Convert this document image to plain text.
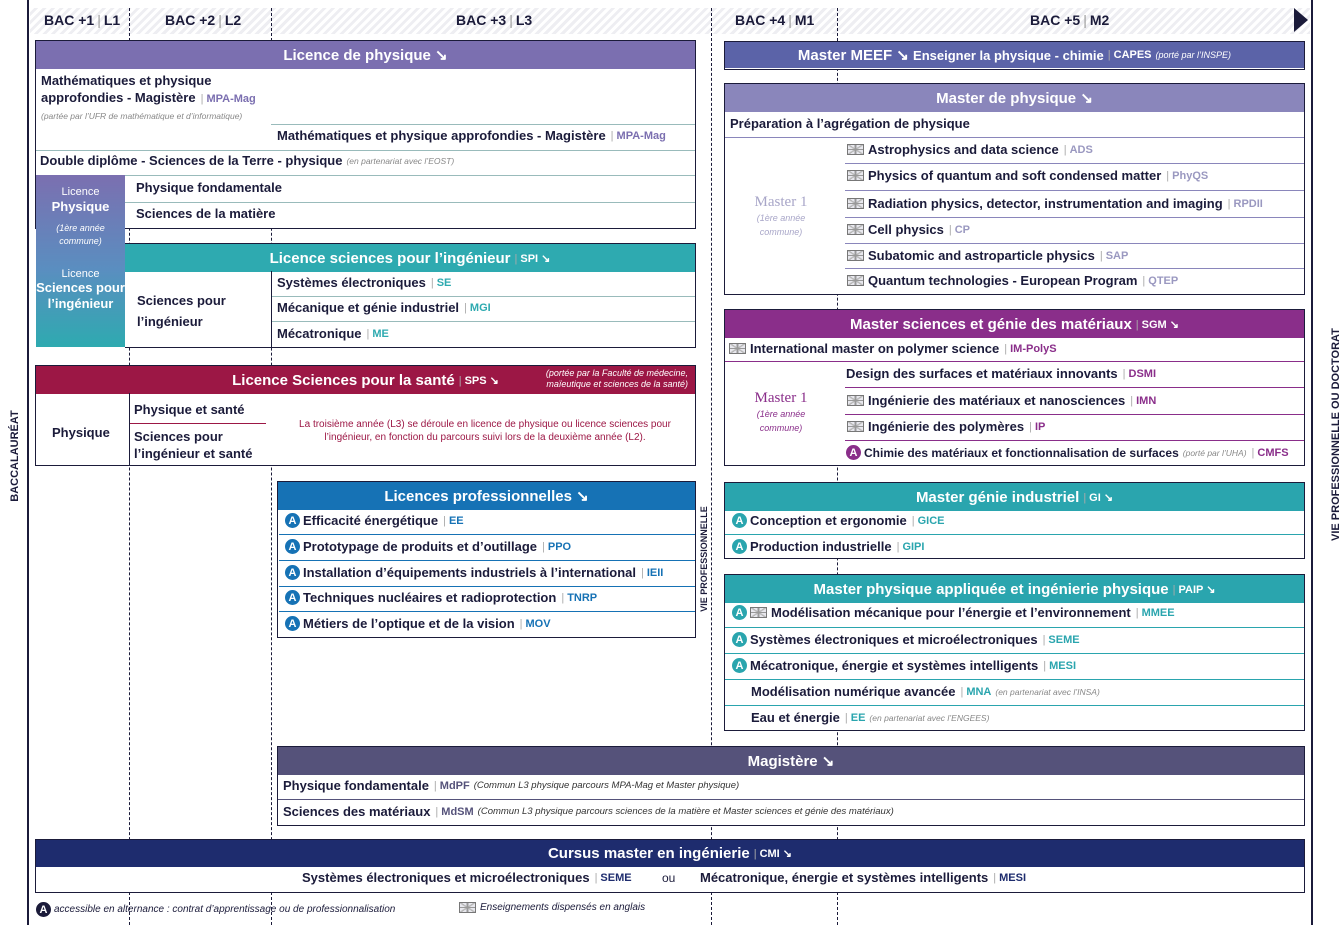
BAC +1 | L1	BAC +2 | L2	BAC +3 | L3	BAC +4 | M1	BAC +5 | M2
BACCALAURÉAT	VIE PROFESSIONNELLE OU DOCTORAT
VIE PROFESSIONNELLE
Licence de physique ↘
Mathématiques et physique
approfondies - Magistère | MPA-Mag
(partée par l’UFR de mathématique et d’informatique)
Mathématiques et physique approfondies - Magistère | MPA-Mag
Double diplôme - Sciences de la Terre - physique (en partenariat avec l’EOST)
Physique fondamentale
Sciences de la matière
Licence
Physique
(1ère année commune)
Licence
Sciences pour l’ingénieur
Licence sciences pour l’ingénieur | SPI ↘
Sciences pour l’ingénieur
Systèmes électroniques | SE
Mécanique et génie industriel | MGI
Mécatronique | ME
Licence Sciences pour la santé | SPS ↘
(portée par la Faculté de médecine, maïeutique et sciences de la santé)
Physique
Physique et santé
Sciences pour l’ingénieur et santé
La troisième année (L3) se déroule en licence de physique ou licence sciences pour l’ingénieur, en fonction du parcours suivi lors de la deuxième année (L2).
Licences professionnelles ↘
A Efficacité énergétique | EE
A Prototypage de produits et d’outillage | PPO
A Installation d’équipements industriels à l’international | IEII
A Techniques nucléaires et radioprotection | TNRP
A Métiers de l’optique et de la vision | MOV
Master MEEF ↘
Enseigner la physique - chimie | CAPES (porté par l’INSPE)
Master de physique ↘
Préparation à l’agrégation de physique
Master 1
(1ère année commune)
Astrophysics and data science | ADS
Physics of quantum and soft condensed matter | PhyQS
Radiation physics, detector, instrumentation and imaging | RPDII
Cell physics | CP
Subatomic and astroparticle physics | SAP
Quantum technologies - European Program | QTEP
Master sciences et génie des matériaux | SGM ↘
International master on polymer science | IM-PolyS
Master 1
(1ère année commune)
Design des surfaces et matériaux innovants | DSMI
Ingénierie des matériaux et nanosciences | IMN
Ingénierie des polymères | IP
A Chimie des matériaux et fonctionnalisation de surfaces (porté par l’UHA) | CMFS
Master génie industriel | GI ↘
A Conception et ergonomie | GICE
A Production industrielle | GIPI
Master physique appliquée et ingénierie physique | PAIP ↘
A Modélisation mécanique pour l’énergie et l’environnement | MMEE
A Systèmes électroniques et microélectroniques | SEME
A Mécatronique, énergie et systèmes intelligents | MESI
Modélisation numérique avancée | MNA (en partenariat avec l’INSA)
Eau et énergie | EE (en partenariat avec l’ENGEES)
Magistère ↘
Physique fondamentale | MdPF (Commun L3 physique parcours MPA-Mag et Master physique)
Sciences des matériaux | MdSM (Commun L3 physique parcours sciences de la matière et Master sciences et génie des matériaux)
Cursus master en ingénierie | CMI ↘
Systèmes électroniques et microélectroniques | SEME	ou Mécatronique, énergie et systèmes intelligents | MESI
A accessible en alternance : contrat d’apprentissage ou de professionnalisation	Enseignements dispensés en anglais
